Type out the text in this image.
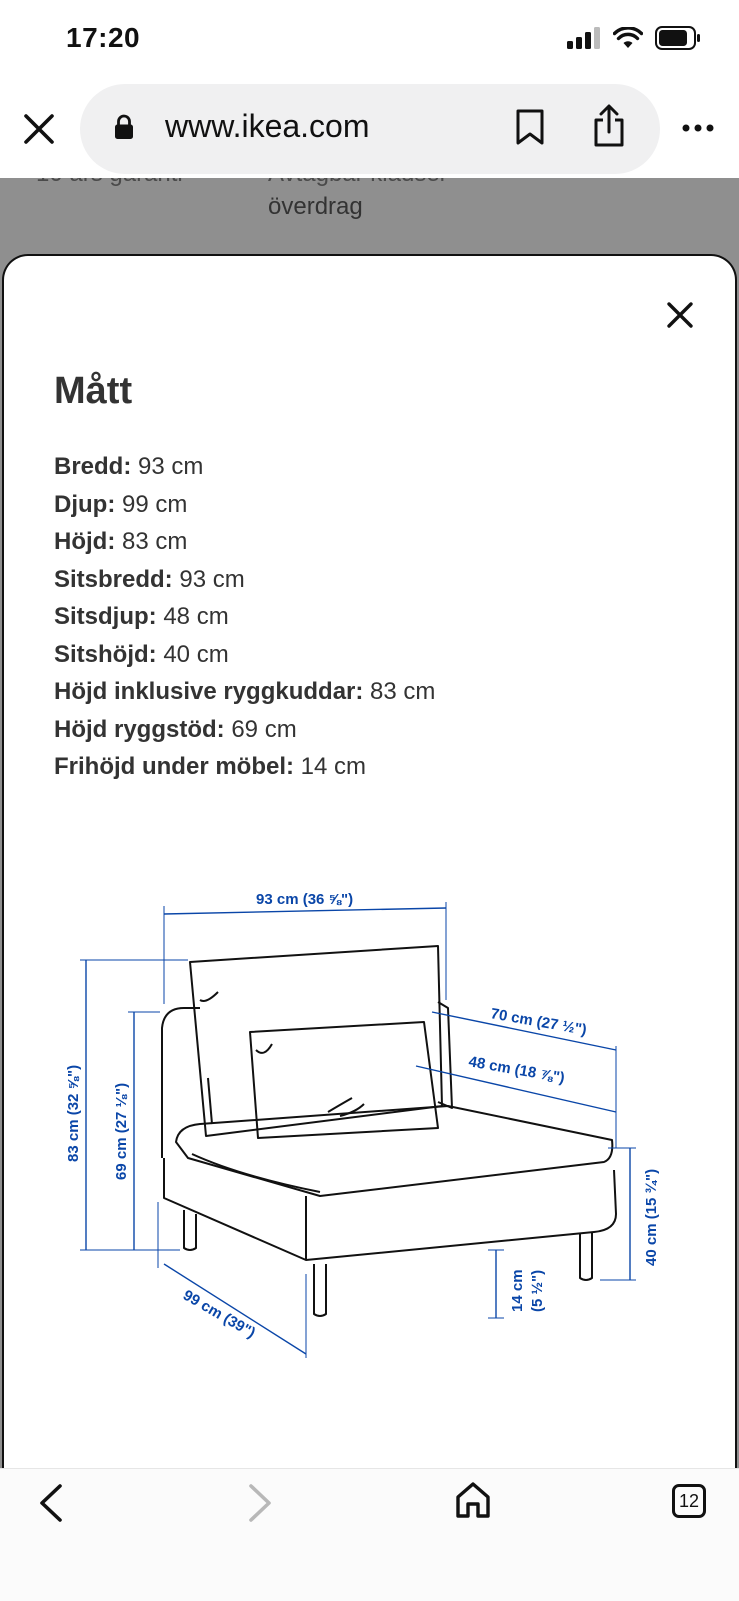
17:20
www.ikea.com
överdrag
Mått
Bredd: 93 cm
Djup: 99 cm
Höjd: 83 cm
Sitsbredd: 93 cm
Sitsdjup: 48 cm
Sitshöjd: 40 cm
Höjd inklusive ryggkuddar: 83 cm
Höjd ryggstöd: 69 cm
Frihöjd under möbel: 14 cm
93 cm (36 ⅝")
83 cm (32 ⅝") 69 cm (27 ⅛")
70 cm (27 ½")
48 cm (18 ⅞")
40 cm (15 ¾")
14 cm (5 ½")
99 cm (39")
12
